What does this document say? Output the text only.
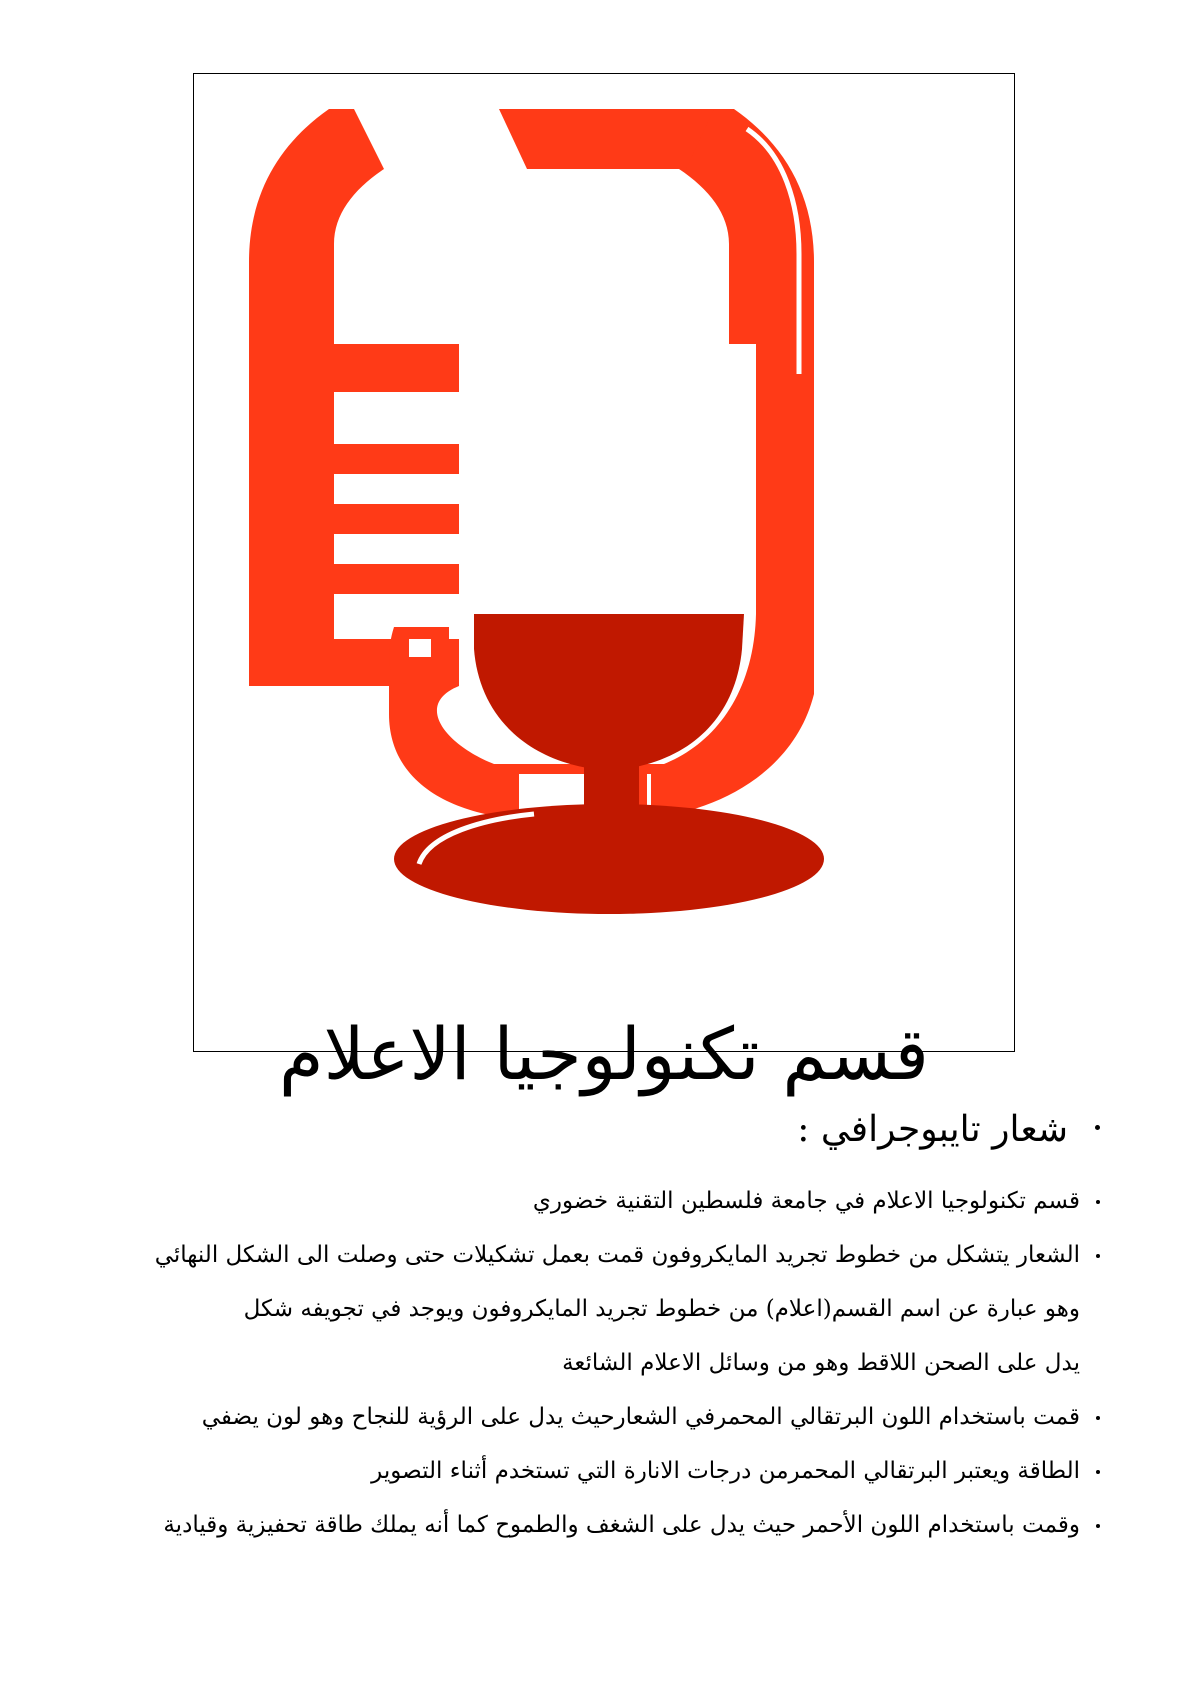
قسم تكنولوجيا الاعلام
شعار تايبوجرافي :
قسم تكنولوجيا الاعلام في جامعة فلسطين التقنية خضوري
الشعار يتشكل من خطوط تجريد المايكروفون قمت بعمل تشكيلات حتى وصلت الى الشكل النهائي
وهو عبارة عن اسم القسم(اعلام) من خطوط تجريد المايكروفون ويوجد في تجويفه شكل
يدل على الصحن اللاقط وهو من وسائل الاعلام الشائعة
قمت باستخدام اللون البرتقالي المحمرفي الشعارحيث يدل على الرؤية للنجاح وهو لون يضفي
الطاقة ويعتبر البرتقالي المحمرمن درجات الانارة التي تستخدم أثناء التصوير
وقمت باستخدام اللون الأحمر حيث يدل على الشغف والطموح كما أنه يملك طاقة تحفيزية وقيادية
